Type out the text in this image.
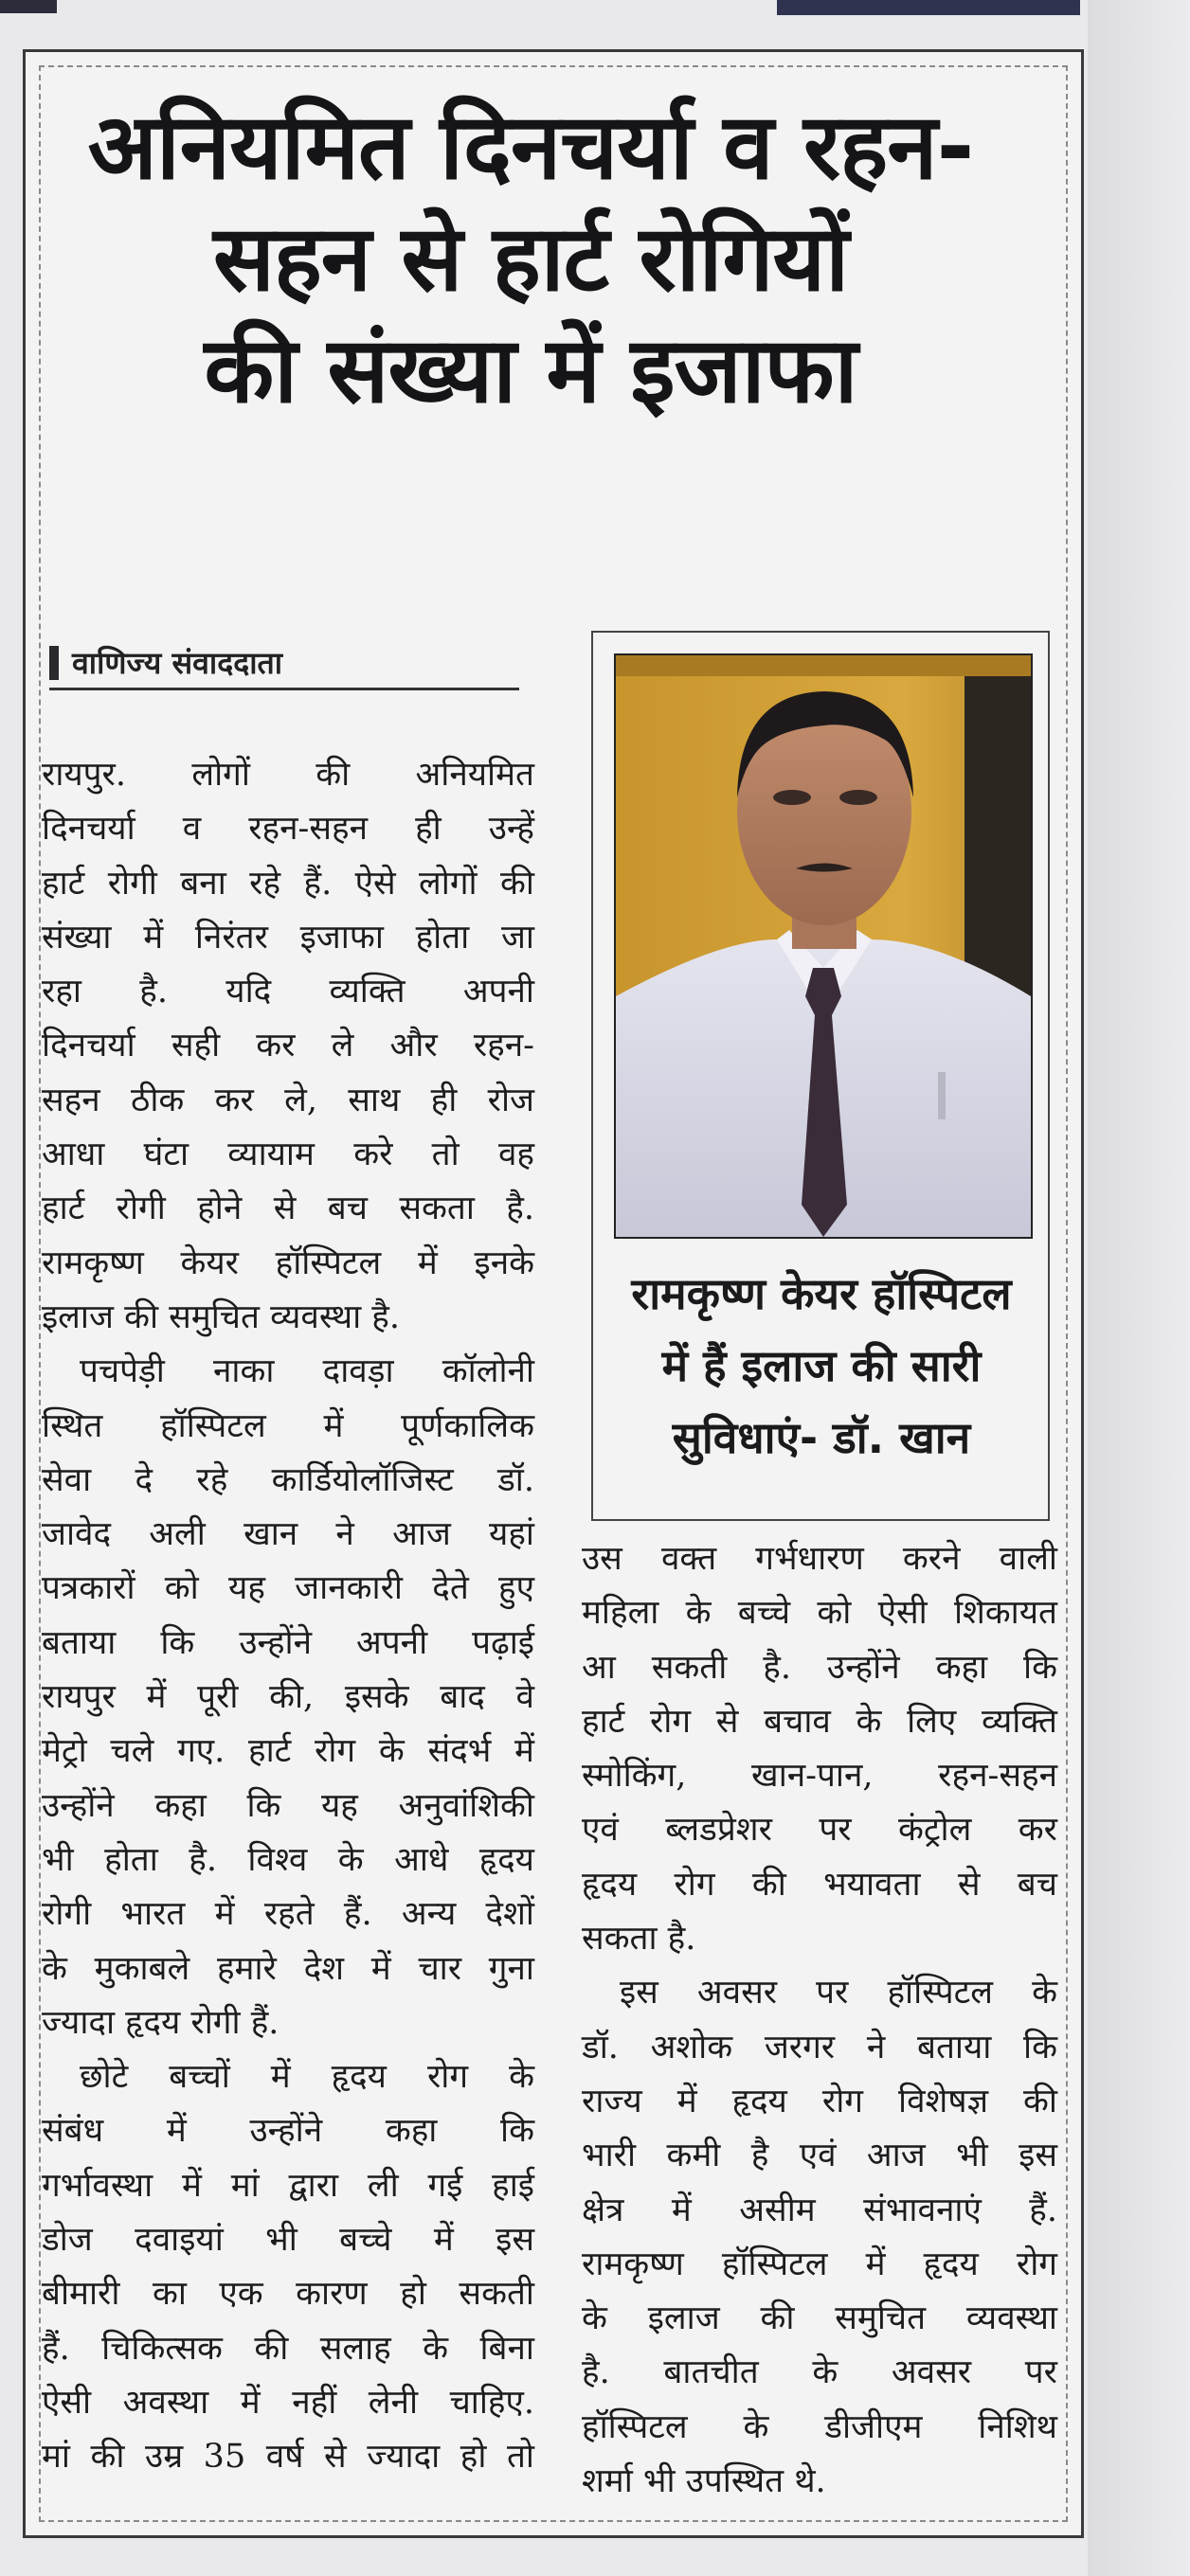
अनियमित दिनचर्या व रहन-
सहन से हार्ट रोगियों
की संख्या में इजाफा
वाणिज्य संवाददाता

रामकृष्ण केयर हॉस्पिटल
में हैं इलाज की सारी
सुविधाएं- डॉ. खान

रायपुर. लोगों की अनियमित

दिनचर्या व रहन-सहन ही उन्हें

हार्ट रोगी बना रहे हैं. ऐसे लोगों की

संख्या में निरंतर इजाफा होता जा

रहा है. यदि व्यक्ति अपनी

दिनचर्या सही कर ले और रहन-

सहन ठीक कर ले, साथ ही रोज

आधा घंटा व्यायाम करे तो वह

हार्ट रोगी होने से बच सकता है.

रामकृष्ण केयर हॉस्पिटल में इनके

इलाज की समुचित व्यवस्था है.

पचपेड़ी नाका दावड़ा कॉलोनी

स्थित हॉस्पिटल में पूर्णकालिक

सेवा दे रहे कार्डियोलॉजिस्ट डॉ.

जावेद अली खान ने आज यहां

पत्रकारों को यह जानकारी देते हुए

बताया कि उन्होंने अपनी पढ़ाई

रायपुर में पूरी की, इसके बाद वे

मेट्रो चले गए. हार्ट रोग के संदर्भ में

उन्होंने कहा कि यह अनुवांशिकी

भी होता है. विश्व के आधे हृदय

रोगी भारत में रहते हैं. अन्य देशों

के मुकाबले हमारे देश में चार गुना

ज्यादा हृदय रोगी हैं.

छोटे बच्चों में हृदय रोग के

संबंध में उन्होंने कहा कि

गर्भावस्था में मां द्वारा ली गई हाई

डोज दवाइयां भी बच्चे में इस

बीमारी का एक कारण हो सकती

हैं. चिकित्सक की सलाह के बिना

ऐसी अवस्था में नहीं लेनी चाहिए.

मां की उम्र 35 वर्ष से ज्यादा हो तो

उस वक्त गर्भधारण करने वाली

महिला के बच्चे को ऐसी शिकायत

आ सकती है. उन्होंने कहा कि

हार्ट रोग से बचाव के लिए व्यक्ति

स्मोकिंग, खान-पान, रहन-सहन

एवं ब्लडप्रेशर पर कंट्रोल कर

हृदय रोग की भयावता से बच

सकता है.

इस अवसर पर हॉस्पिटल के

डॉ. अशोक जरगर ने बताया कि

राज्य में हृदय रोग विशेषज्ञ की

भारी कमी है एवं आज भी इस

क्षेत्र में असीम संभावनाएं हैं.

रामकृष्ण हॉस्पिटल में हृदय रोग

के इलाज की समुचित व्यवस्था

है. बातचीत के अवसर पर

हॉस्पिटल के डीजीएम निशिथ

शर्मा भी उपस्थित थे.
